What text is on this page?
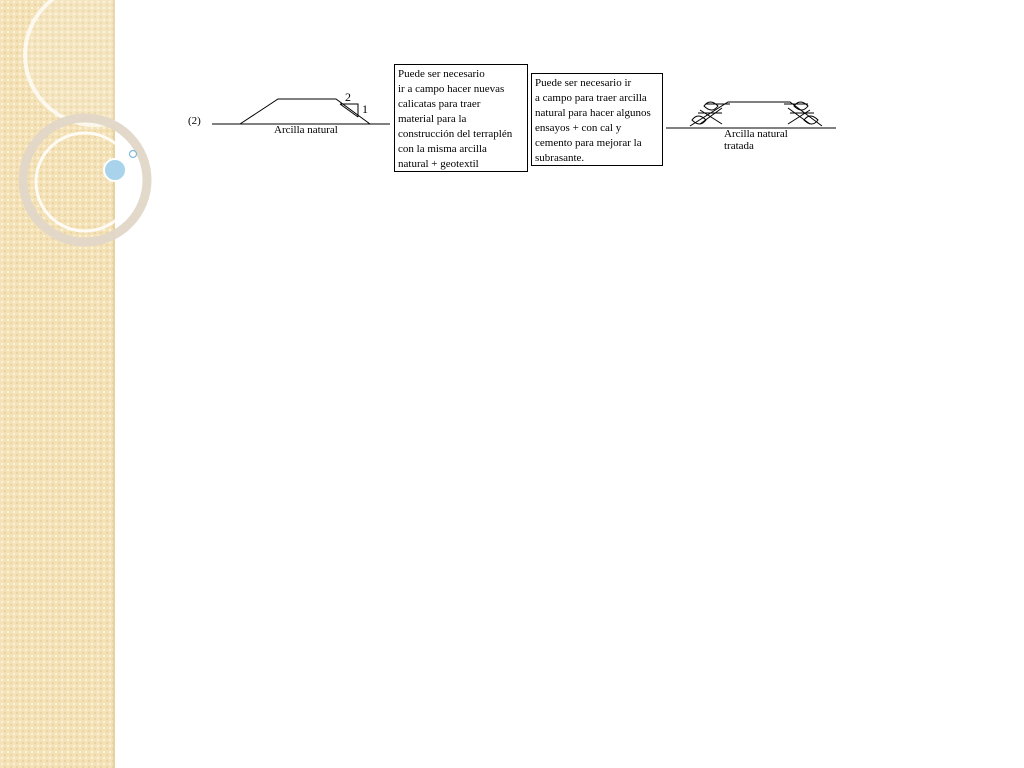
(2)
Arcilla natural
2
1
Puede ser necesario
ir a campo hacer nuevas
calicatas para traer
material para la
construcción del terraplén
con la misma arcilla
natural + geotextil
Puede ser necesario ir
a campo para traer arcilla
natural para hacer algunos
ensayos + con cal y
cemento para mejorar la
subrasante.
Arcilla natural
tratada
